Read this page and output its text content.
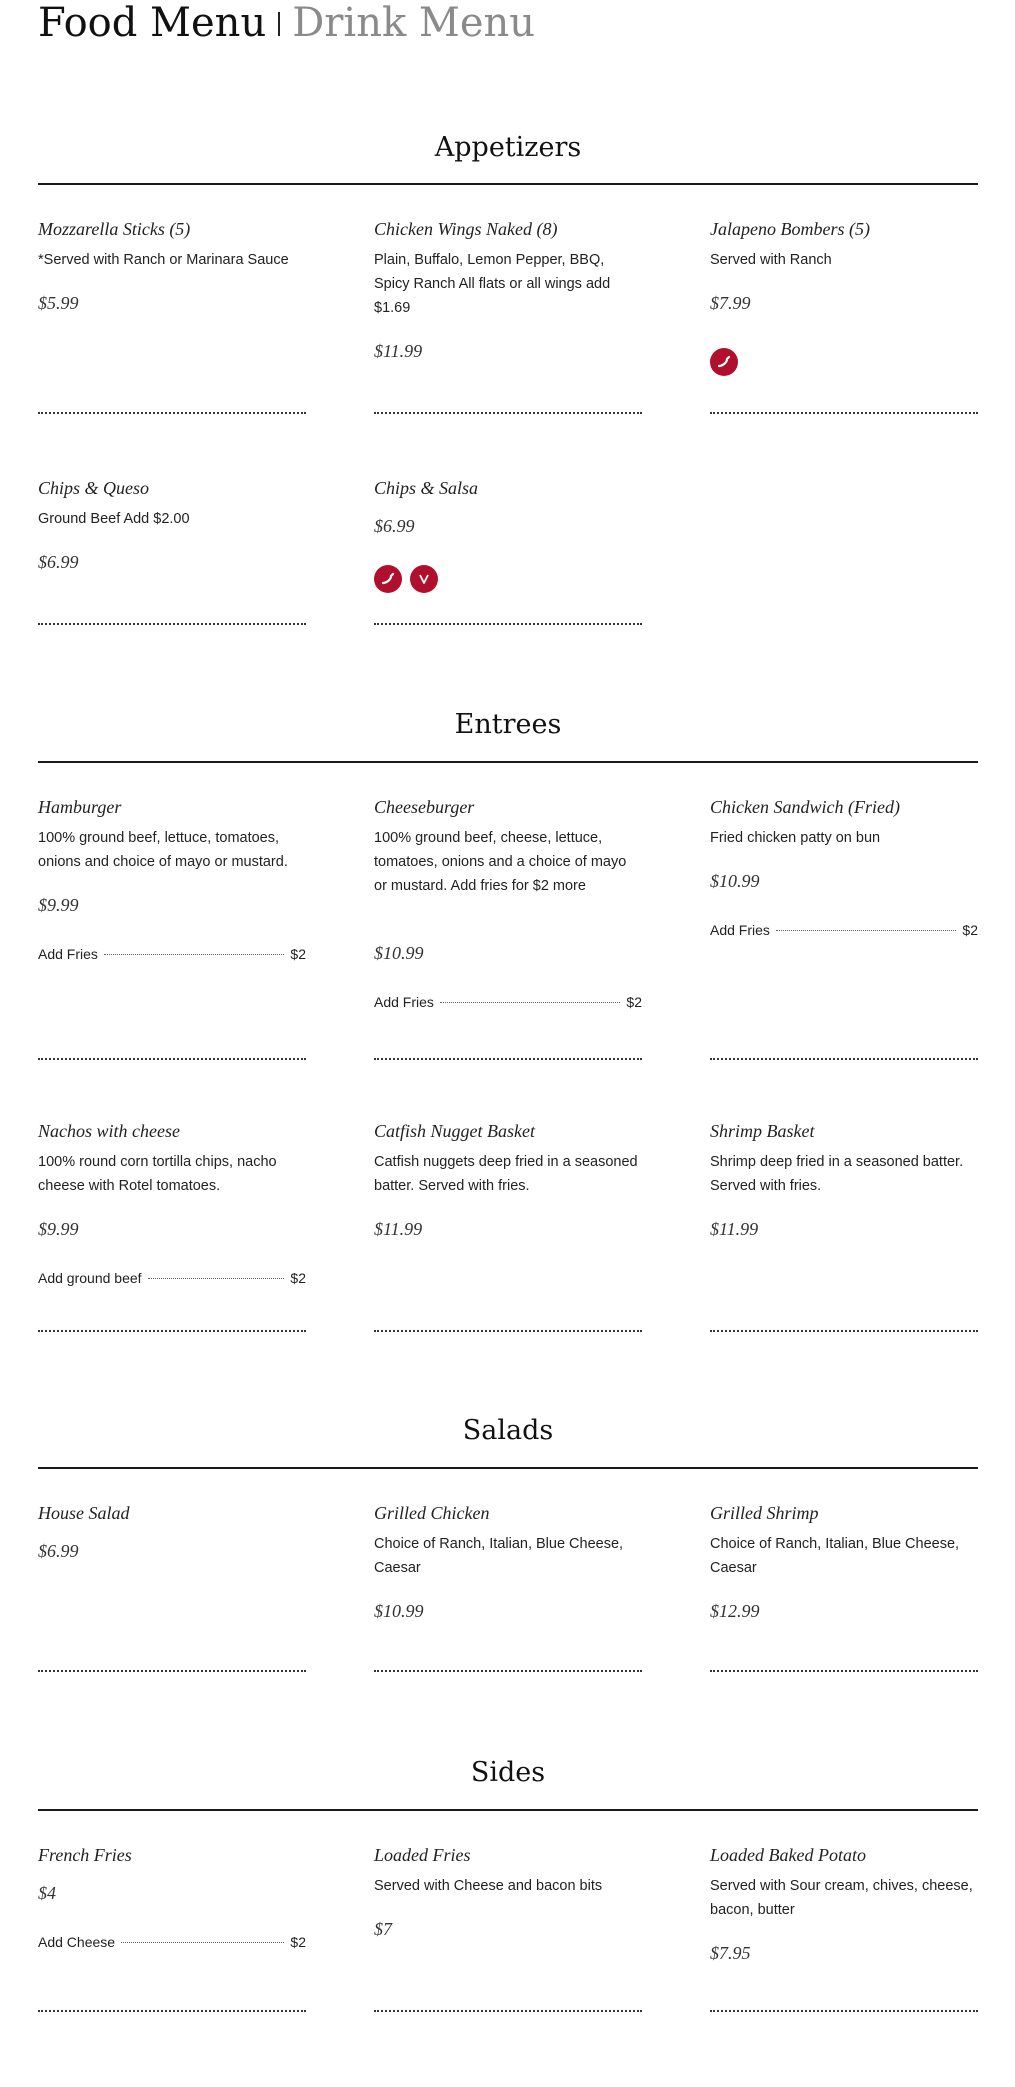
Food Menu Drink Menu
Appetizers
Mozzarella Sticks (5)
*Served with Ranch or Marinara Sauce
$5.99
Chicken Wings Naked (8)
Plain, Buffalo, Lemon Pepper, BBQ, Spicy Ranch All flats or all wings add $1.69
$11.99
Jalapeno Bombers (5)
Served with Ranch
$7.99
Chips & Queso
Ground Beef Add $2.00
$6.99
Chips & Salsa
$6.99
Entrees
Hamburger
100% ground beef, lettuce, tomatoes, onions and choice of mayo or mustard.
$9.99
Add Fries	$2
Cheeseburger
100% ground beef, cheese, lettuce, tomatoes, onions and a choice of mayo or mustard. Add fries for $2 more
$10.99
Add Fries	$2
Chicken Sandwich (Fried)
Fried chicken patty on bun
$10.99
Add Fries	$2
Nachos with cheese
100% round corn tortilla chips, nacho cheese with Rotel tomatoes.
$9.99
Add ground beef	$2
Catfish Nugget Basket
Catfish nuggets deep fried in a seasoned batter. Served with fries.
$11.99
Shrimp Basket
Shrimp deep fried in a seasoned batter. Served with fries.
$11.99
Salads
House Salad
$6.99
Grilled Chicken
Choice of Ranch, Italian, Blue Cheese, Caesar
$10.99
Grilled Shrimp
Choice of Ranch, Italian, Blue Cheese, Caesar
$12.99
Sides
French Fries
$4
Add Cheese	$2
Loaded Fries
Served with Cheese and bacon bits
$7
Loaded Baked Potato
Served with Sour cream, chives, cheese, bacon, butter
$7.95
